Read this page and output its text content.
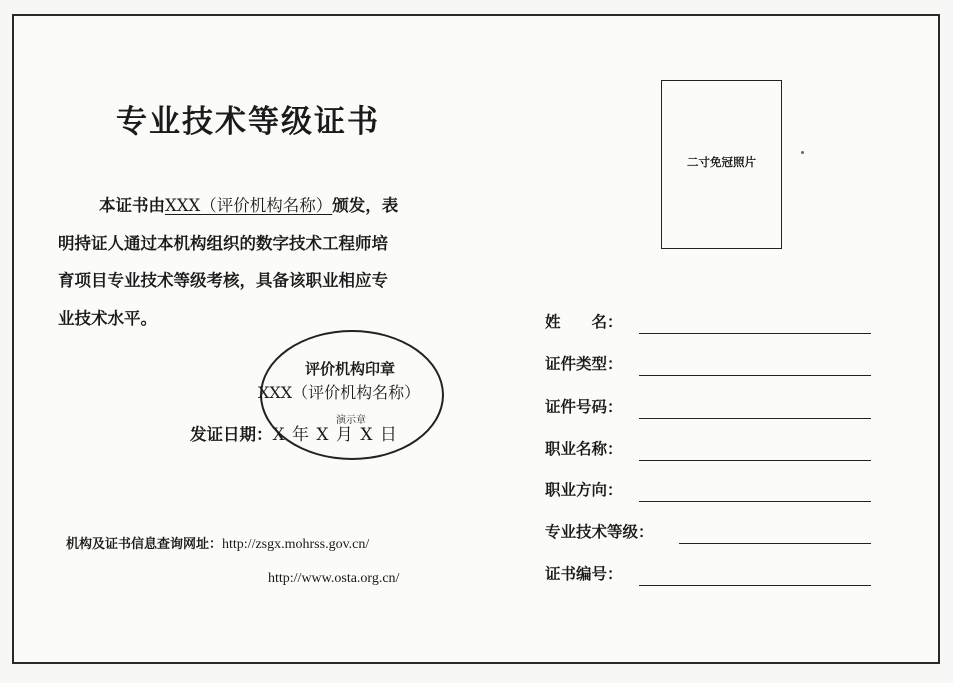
专业技术等级证书
本证书由XXX（评价机构名称）颁发，表
明持证人通过本机构组织的数字技术工程师培
育项目专业技术等级考核，具备该职业相应专
业技术水平。
发证日期：X 年 X 月 X 日
评价机构印章
XXX（评价机构名称）
演示章
机构及证书信息查询网址：http://zsgx.mohrss.gov.cn/
http://www.osta.org.cn/
二寸免冠照片
姓　　名：
证件类型：
证件号码：
职业名称：
职业方向：
专业技术等级：
证书编号：
